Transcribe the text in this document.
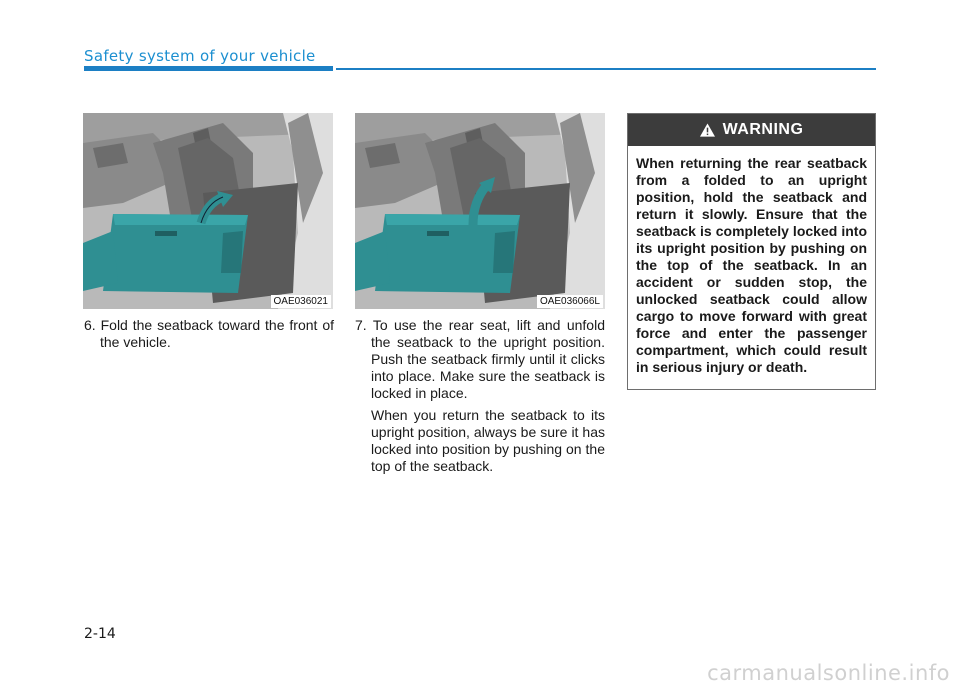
Safety system of your vehicle
OAE036021	OAE036066L

6. Fold the seatback toward the front of the vehicle.

7. To use the rear seat, lift and unfold the seatback to the upright position. Push the seatback firmly until it clicks into place. Make sure the seatback is locked in place.

When you return the seatback to its upright position, always be sure it has locked into position by pushing on the top of the seatback.

WARNING
When returning the rear seatback from a folded to an upright position, hold the seatback and return it slowly. Ensure that the seatback is completely locked into its upright position by pushing on the top of the seatback. In an accident or sudden stop, the unlocked seatback could allow cargo to move forward with great force and enter the passenger compartment, which could result in serious injury or death.
2-14
carmanualsonline.info
